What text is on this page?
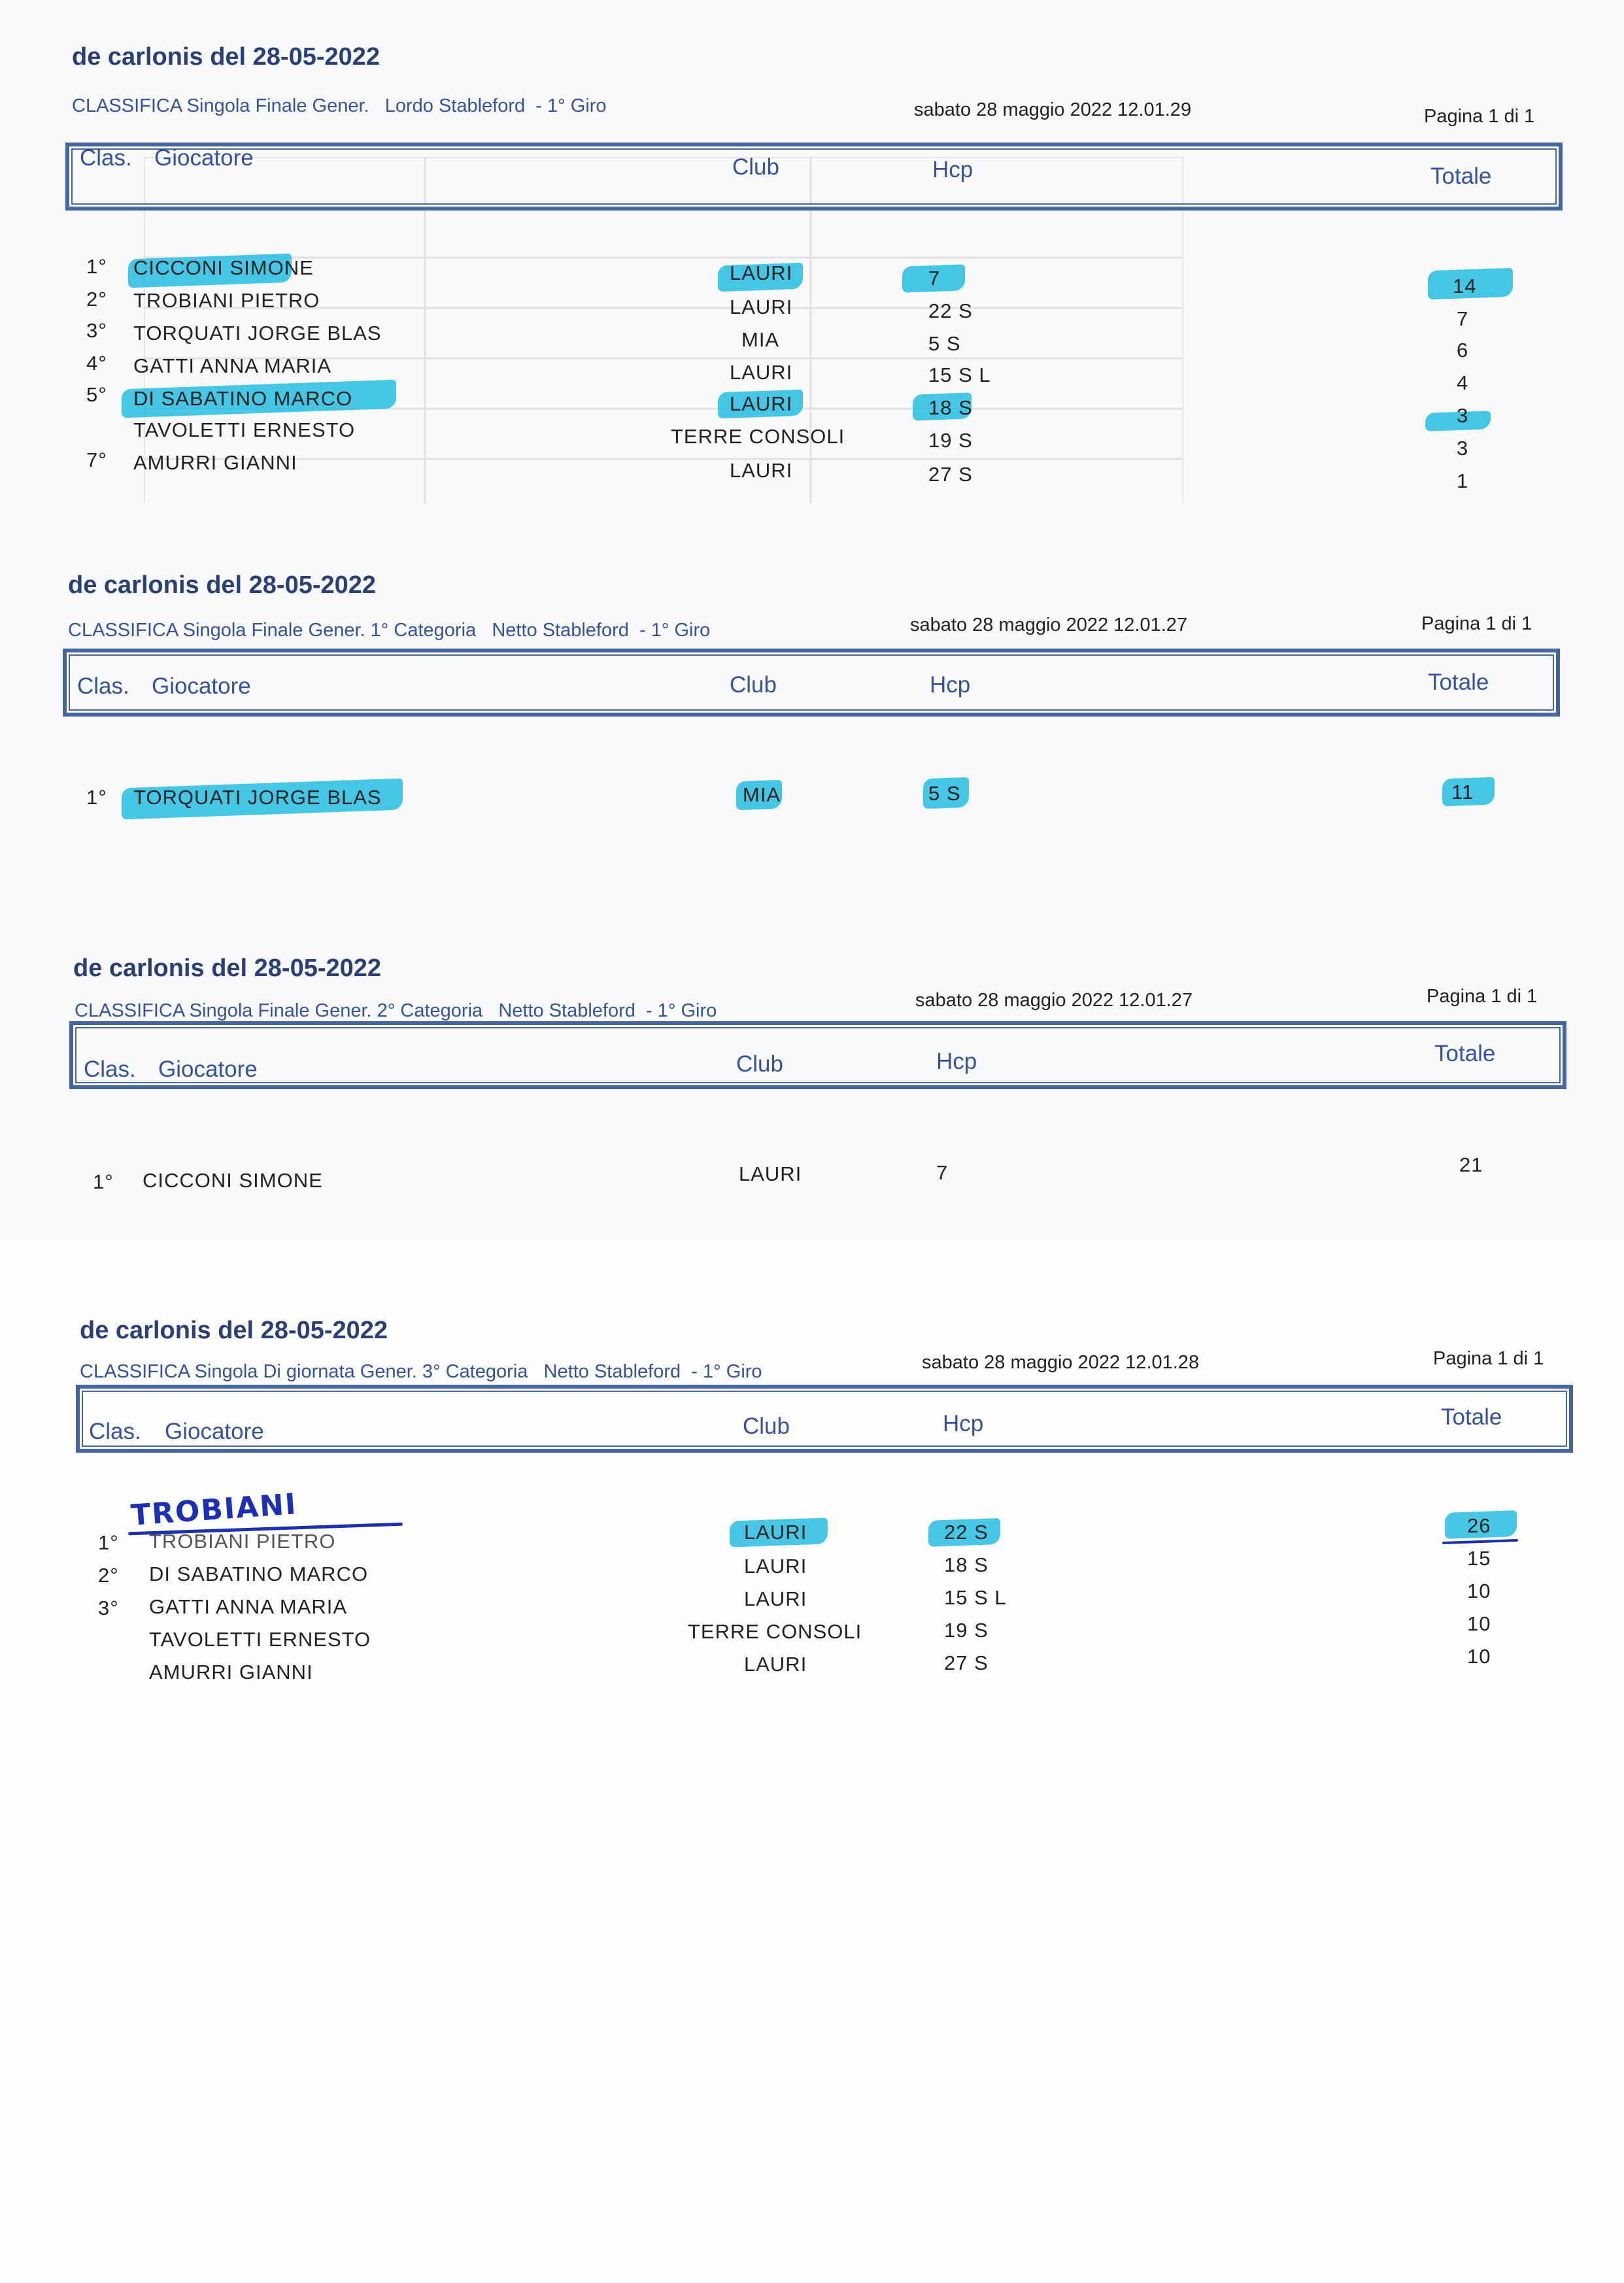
de carlonis del 28-05-2022
CLASSIFICA Singola Finale Gener.   Lordo Stableford  - 1° Giro	sabato 28 maggio 2022 12.01.29	Pagina 1 di 1
Clas. Giocatore	Club	Hcp	Totale
1° CICCONI SIMONE	LAURI	7	14
2° TROBIANI PIETRO	LAURI	22 S	7
3° TORQUATI JORGE BLAS	MIA	5 S	6
4° GATTI ANNA MARIA	LAURI	15 S L	4
5° DI SABATINO MARCO	LAURI	18 S	3
TAVOLETTI ERNESTO	TERRE CONSOLI	19 S	3
7° AMURRI GIANNI	LAURI	27 S	1
de carlonis del 28-05-2022
CLASSIFICA Singola Finale Gener. 1° Categoria   Netto Stableford  - 1° Giro	sabato 28 maggio 2022 12.01.27	Pagina 1 di 1
Clas. Giocatore	Club	Hcp	Totale
1° TORQUATI JORGE BLAS	MIA	5 S	11
de carlonis del 28-05-2022
CLASSIFICA Singola Finale Gener. 2° Categoria   Netto Stableford  - 1° Giro	sabato 28 maggio 2022 12.01.27	Pagina 1 di 1
Clas. Giocatore	Club	Hcp	Totale
1° CICCONI SIMONE	LAURI	7	21
de carlonis del 28-05-2022
CLASSIFICA Singola Di giornata Gener. 3° Categoria   Netto Stableford  - 1° Giro	sabato 28 maggio 2022 12.01.28	Pagina 1 di 1
Clas. Giocatore	Club	Hcp	Totale
TROBIANI
1° TROBIANI PIETRO	LAURI	22 S	26
2° DI SABATINO MARCO	LAURI	18 S	15
3° GATTI ANNA MARIA	LAURI	15 S L	10
TAVOLETTI ERNESTO	TERRE CONSOLI	19 S	10
AMURRI GIANNI	LAURI	27 S	10
